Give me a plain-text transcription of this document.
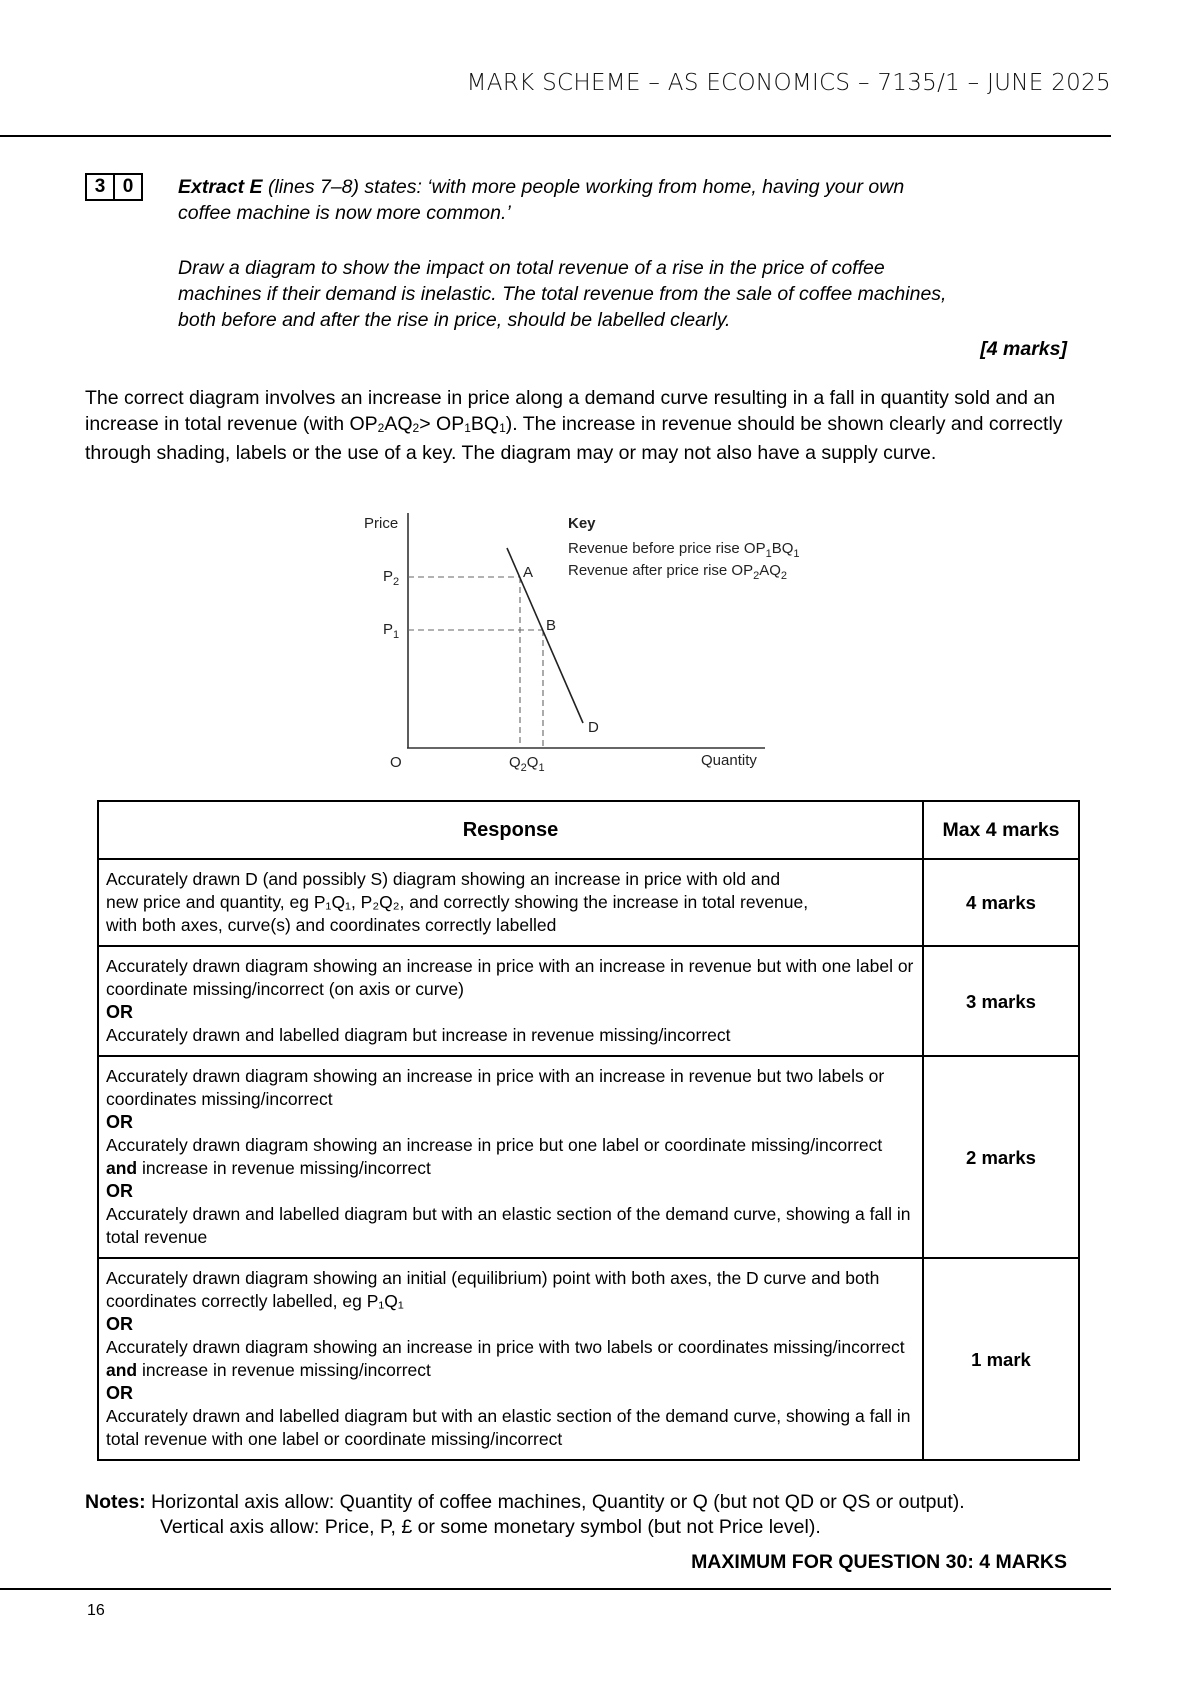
MARK SCHEME – AS ECONOMICS – 7135/1 – JUNE 2025
3 0	Extract E (lines 7–8) states: ‘with more people working from home, having your own
coffee machine is now more common.’
Draw a diagram to show the impact on total revenue of a rise in the price of coffee
machines if their demand is inelastic. The total revenue from the sale of coffee machines,
both before and after the rise in price, should be labelled clearly.
[4 marks]
The correct diagram involves an increase in price along a demand curve resulting in a fall in quantity sold and an increase in total revenue (with $OP_2AQ_2> OP_1BQ_1$). The increase in revenue should be shown clearly and correctly through shading, labels or the use of a key. The diagram may or may not also have a supply curve.
Price
$P_2$
$P_1$
A
B
D
O	$Q_2Q_1$	Quantity
Key
Revenue before price rise $OP_1BQ_1$
Revenue after price rise $OP_2AQ_2$
Response	Max 4 marks
Accurately drawn D (and possibly S) diagram showing an increase in price with old and
new price and quantity, eg P₁Q₁, P₂Q₂, and correctly showing the increase in total revenue,
with both axes, curve(s) and coordinates correctly labelled	4 marks

Accurately drawn diagram showing an increase in price with an increase in revenue but with one label or coordinate missing/incorrect (on axis or curve)
OR
Accurately drawn and labelled diagram but increase in revenue missing/incorrect	3 marks

Accurately drawn diagram showing an increase in price with an increase in revenue but two labels or coordinates missing/incorrect
OR
Accurately drawn diagram showing an increase in price but one label or coordinate missing/incorrect and increase in revenue missing/incorrect
OR
Accurately drawn and labelled diagram but with an elastic section of the demand curve, showing a fall in total revenue	2 marks

Accurately drawn diagram showing an initial (equilibrium) point with both axes, the D curve and both coordinates correctly labelled, eg P₁Q₁
OR
Accurately drawn diagram showing an increase in price with two labels or coordinates missing/incorrect and increase in revenue missing/incorrect
OR
Accurately drawn and labelled diagram but with an elastic section of the demand curve, showing a fall in total revenue with one label or coordinate missing/incorrect	1 mark
Notes: Horizontal axis allow: Quantity of coffee machines, Quantity or Q (but not QD or QS or output).
Vertical axis allow: Price, P, £ or some monetary symbol (but not Price level).
MAXIMUM FOR QUESTION 30: 4 MARKS
16
